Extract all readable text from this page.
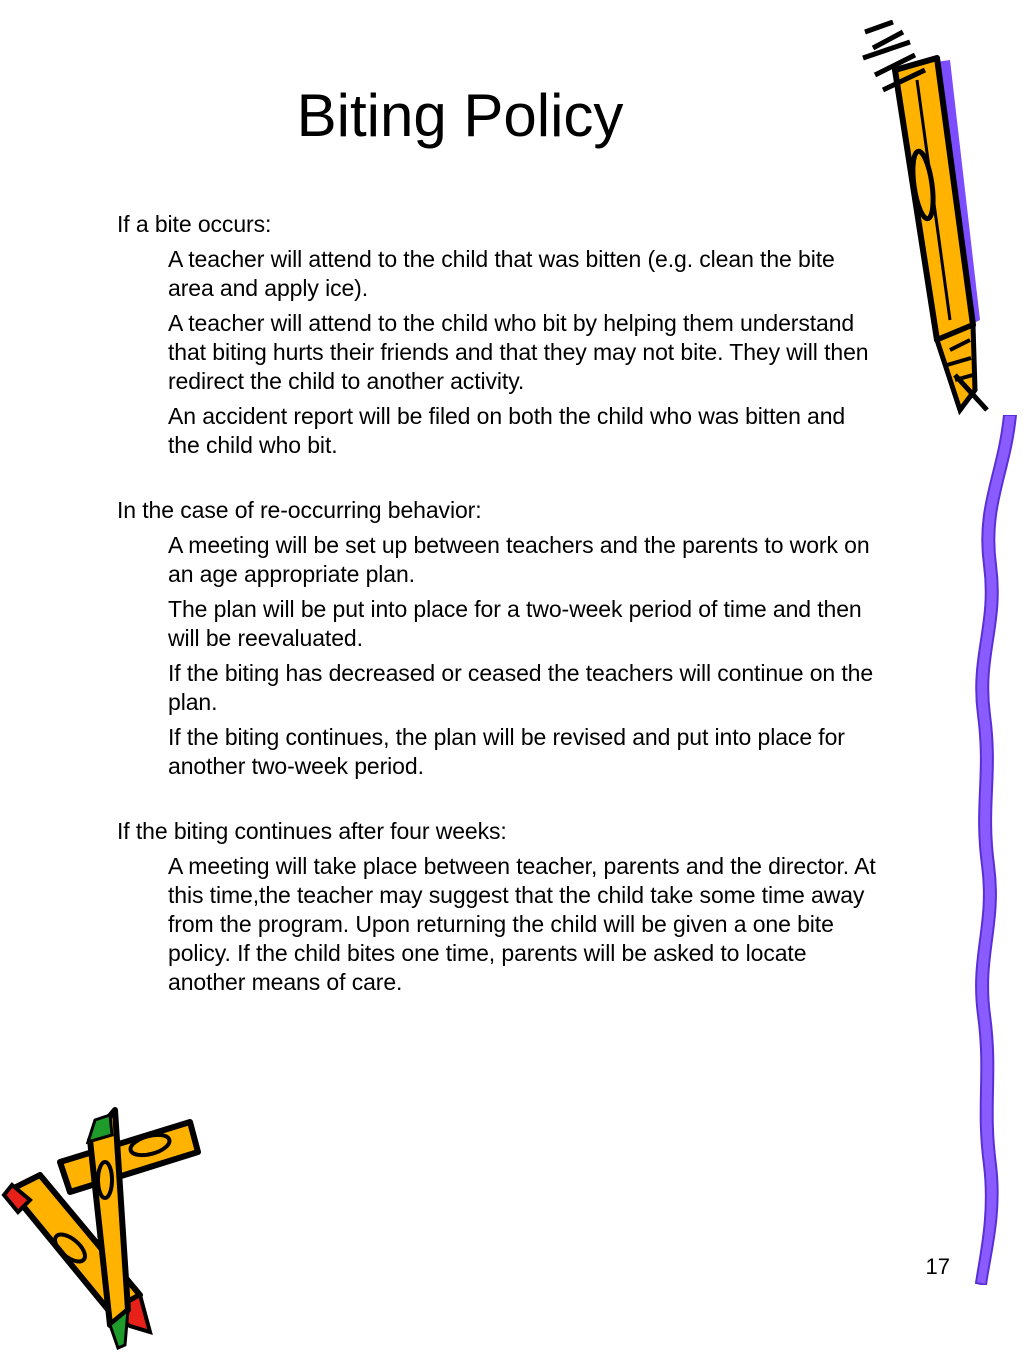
Biting Policy

If a bite occurs:

A teacher will attend to the child that was bitten (e.g. clean the bite area and apply ice).
A teacher will attend to the child who bit by helping them understand that biting hurts their friends and that they may not bite. They will then redirect the child to another activity.
An accident report will be filed on both the child who was bitten and the child who bit.

In the case of re-occurring behavior:

A meeting will be set up between teachers and the parents to work on an age appropriate plan.
The plan will be put into place for a two-week period of time and then will be reevaluated.
If the biting has decreased or ceased the teachers will continue on the plan.
If the biting continues, the plan will be revised and put into place for another two-week period.

If the biting continues after four weeks:

A meeting will take place between teacher, parents and the director. At this time,the teacher may suggest that the child take some time away from the program. Upon returning the child will be given a one bite policy. If the child bites one time, parents will be asked to locate another means of care.
17
